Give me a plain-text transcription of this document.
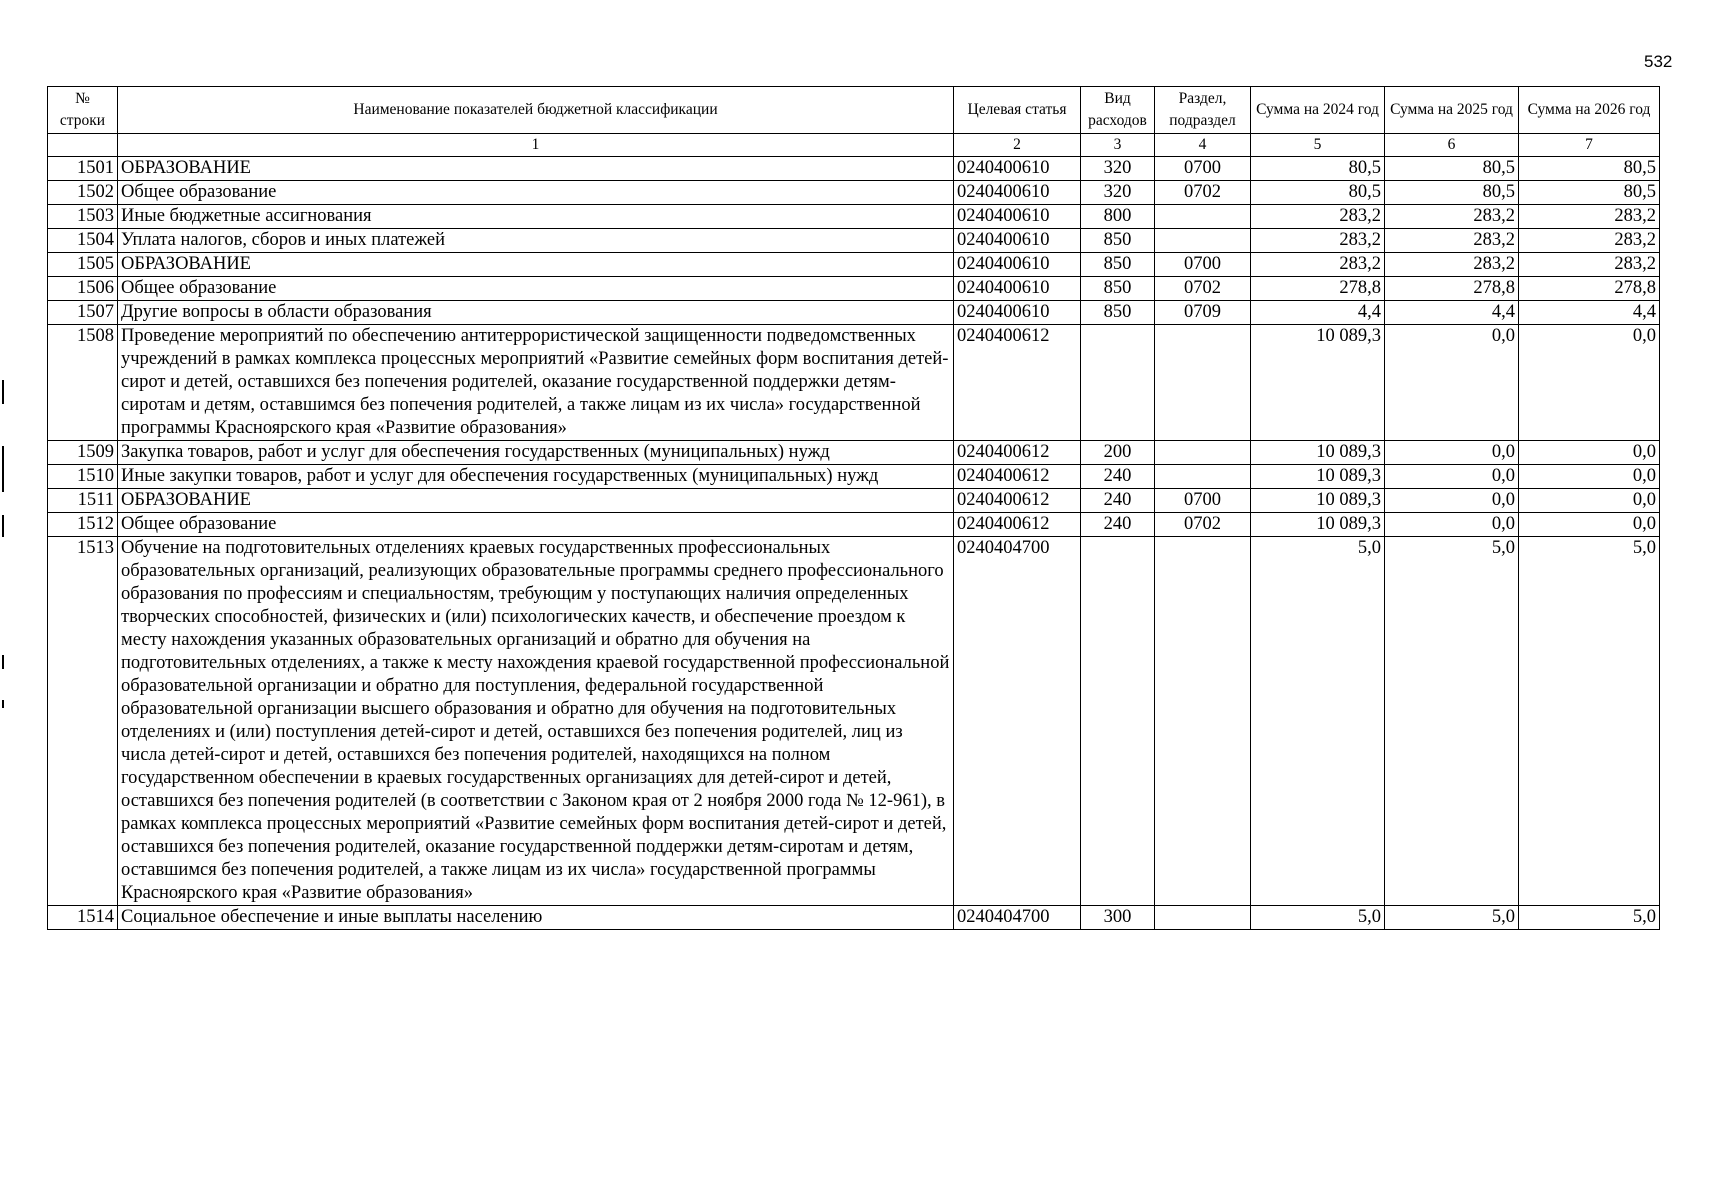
532
№ строки	Наименование показателей бюджетной классификации	Целевая статья	Вид расходов	Раздел, подраздел	Сумма на 2024 год	Сумма на 2025 год	Сумма на 2026 год
	1	2	3	4	5	6	7
1501	ОБРАЗОВАНИЕ	0240400610	320	0700	80,5	80,5	80,5
1502	Общее образование	0240400610	320	0702	80,5	80,5	80,5
1503	Иные бюджетные ассигнования	0240400610	800		283,2	283,2	283,2
1504	Уплата налогов, сборов и иных платежей	0240400610	850		283,2	283,2	283,2
1505	ОБРАЗОВАНИЕ	0240400610	850	0700	283,2	283,2	283,2
1506	Общее образование	0240400610	850	0702	278,8	278,8	278,8
1507	Другие вопросы в области образования	0240400610	850	0709	4,4	4,4	4,4
1508	Проведение мероприятий по обеспечению антитеррористической защищенности подведомственных учреждений в рамках комплекса процессных мероприятий «Развитие семейных форм воспитания детей-сирот и детей, оставшихся без попечения родителей, оказание государственной поддержки детям-сиротам и детям, оставшимся без попечения родителей, а также лицам из их числа» государственной программы Красноярского края «Развитие образования»	0240400612			10 089,3	0,0	0,0
1509	Закупка товаров, работ и услуг для обеспечения государственных (муниципальных) нужд	0240400612	200		10 089,3	0,0	0,0
1510	Иные закупки товаров, работ и услуг для обеспечения государственных (муниципальных) нужд	0240400612	240		10 089,3	0,0	0,0
1511	ОБРАЗОВАНИЕ	0240400612	240	0700	10 089,3	0,0	0,0
1512	Общее образование	0240400612	240	0702	10 089,3	0,0	0,0
1513	Обучение на подготовительных отделениях краевых государственных профессиональных образовательных организаций, реализующих образовательные программы среднего профессионального образования по профессиям и специальностям, требующим у поступающих наличия определенных творческих способностей, физических и (или) психологических качеств, и обеспечение проездом к месту нахождения указанных образовательных организаций и обратно для обучения на подготовительных отделениях, а также к месту нахождения краевой государственной профессиональной образовательной организации и обратно для поступления, федеральной государственной образовательной организации высшего образования и обратно для обучения на подготовительных отделениях и (или) поступления детей-сирот и детей, оставшихся без попечения родителей, лиц из числа детей-сирот и детей, оставшихся без попечения родителей, находящихся на полном государственном обеспечении в краевых государственных организациях для детей-сирот и детей, оставшихся без попечения родителей (в соответствии с Законом края от 2 ноября 2000 года № 12-961), в рамках комплекса процессных мероприятий «Развитие семейных форм воспитания детей-сирот и детей, оставшихся без попечения родителей, оказание государственной поддержки детям-сиротам и детям, оставшимся без попечения родителей, а также лицам из их числа» государственной программы Красноярского края «Развитие образования»	0240404700			5,0	5,0	5,0
1514	Социальное обеспечение и иные выплаты населению	0240404700	300		5,0	5,0	5,0
